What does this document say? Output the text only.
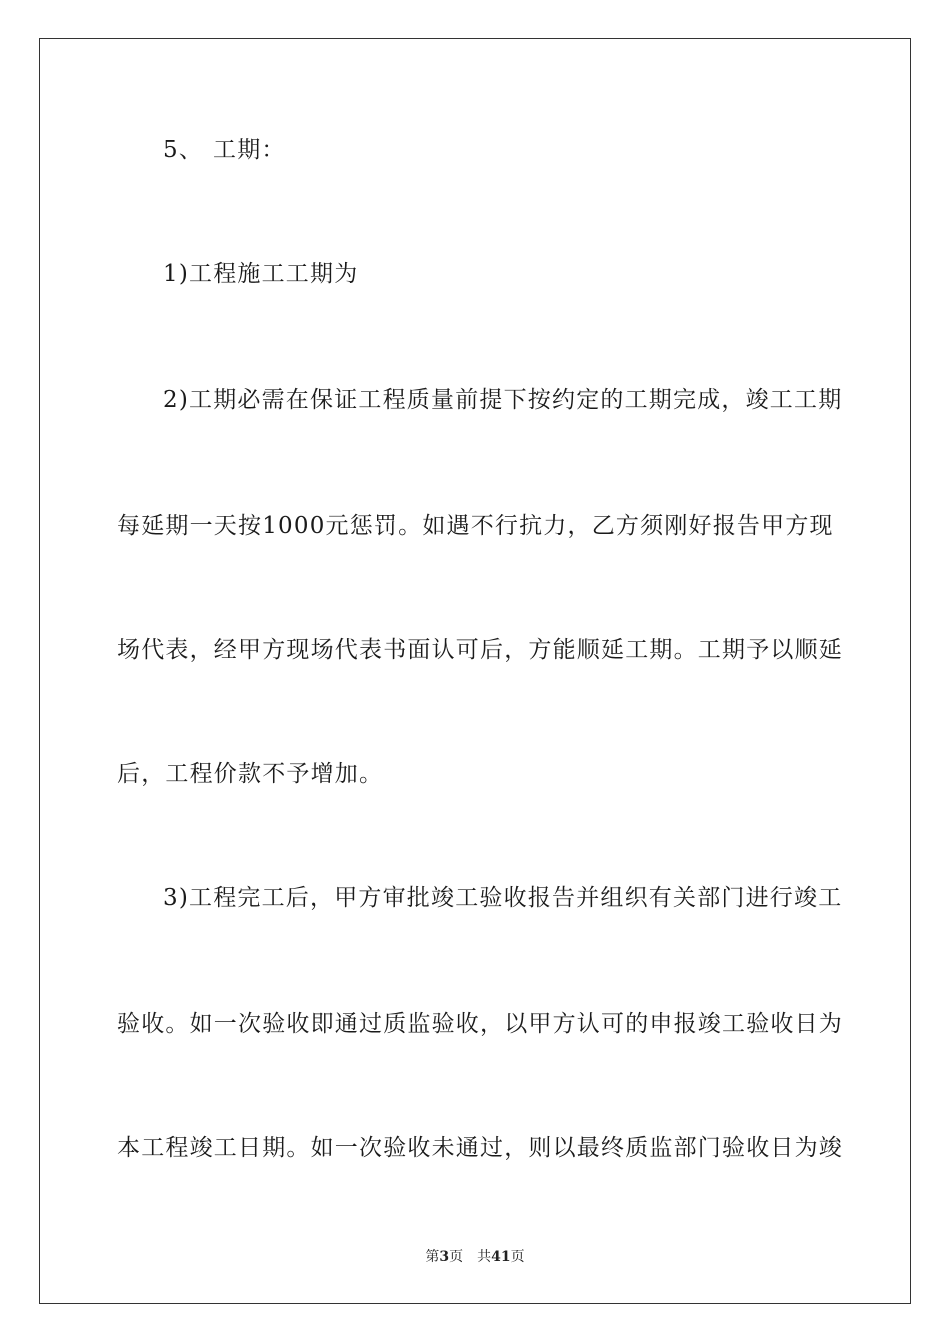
5、 工期：
1)工程施工工期为
2)工期必需在保证工程质量前提下按约定的工期完成，竣工工期
每延期一天按1000元惩罚。如遇不行抗力，乙方须刚好报告甲方现
场代表，经甲方现场代表书面认可后，方能顺延工期。工期予以顺延
后，工程价款不予增加。
3)工程完工后，甲方审批竣工验收报告并组织有关部门进行竣工
验收。如一次验收即通过质监验收，以甲方认可的申报竣工验收日为
本工程竣工日期。如一次验收未通过，则以最终质监部门验收日为竣
第3页 共41页
